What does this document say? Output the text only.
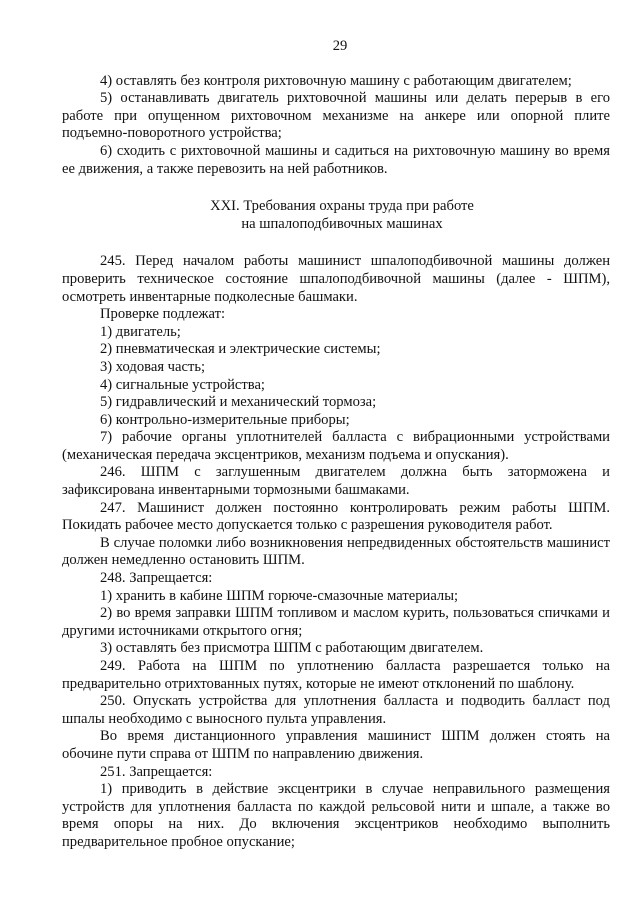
29

4) оставлять без контроля рихтовочную машину с работающим двигателем;

5) останавливать двигатель рихтовочной машины или делать перерыв в его работе при опущенном рихтовочном механизме на анкере или опорной плите подъемно-поворотного устройства;

6) сходить с рихтовочной машины и садиться на рихтовочную машину во время ее движения, а также перевозить на ней работников.

XXI. Требования охраны труда при работе
на шпалоподбивочных машинах

245. Перед началом работы машинист шпалоподбивочной машины должен проверить техническое состояние шпалоподбивочной машины (далее - ШПМ), осмотреть инвентарные подколесные башмаки.

Проверке подлежат:

1) двигатель;

2) пневматическая и электрические системы;

3) ходовая часть;

4) сигнальные устройства;

5) гидравлический и механический тормоза;

6) контрольно-измерительные приборы;

7) рабочие органы уплотнителей балласта с вибрационными устройствами (механическая передача эксцентриков, механизм подъема и опускания).

246. ШПМ с заглушенным двигателем должна быть заторможена и зафиксирована инвентарными тормозными башмаками.

247. Машинист должен постоянно контролировать режим работы ШПМ. Покидать рабочее место допускается только с разрешения руководителя работ.

В случае поломки либо возникновения непредвиденных обстоятельств машинист должен немедленно остановить ШПМ.

248. Запрещается:

1) хранить в кабине ШПМ горюче-смазочные материалы;

2) во время заправки ШПМ топливом и маслом курить, пользоваться спичками и другими источниками открытого огня;

3) оставлять без присмотра ШПМ с работающим двигателем.

249. Работа на ШПМ по уплотнению балласта разрешается только на предварительно отрихтованных путях, которые не имеют отклонений по шаблону.

250. Опускать устройства для уплотнения балласта и подводить балласт под шпалы необходимо с выносного пульта управления.

Во время дистанционного управления машинист ШПМ должен стоять на обочине пути справа от ШПМ по направлению движения.

251. Запрещается:

1) приводить в действие эксцентрики в случае неправильного размещения устройств для уплотнения балласта по каждой рельсовой нити и шпале, а также во время опоры на них. До включения эксцентриков необходимо выполнить предварительное пробное опускание;
